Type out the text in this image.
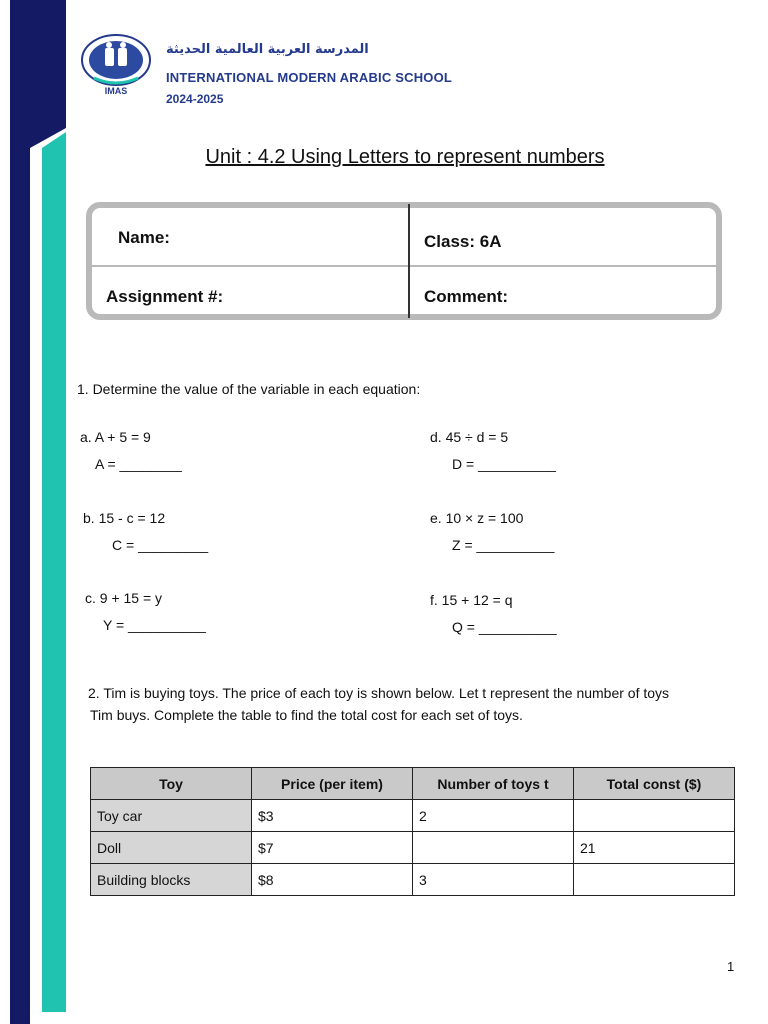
IMAS
المدرسة العربية العالمية الحديثة
INTERNATIONAL MODERN ARABIC SCHOOL
2024-2025
Unit : 4.2 Using Letters to represent numbers
Name:	Class: 6A
Assignment #:	Comment:
1. Determine the value of the variable in each equation:
a. A + 5 = 9
A = ________
b. 15 - c = 12
C = _________
c. 9 + 15 = y
Y = __________
d. 45 ÷ d = 5
D = __________
e. 10 × z = 100
Z = __________
f. 15 + 12 = q
Q = __________
2. Tim is buying toys. The price of each toy is shown below. Let t represent the number of toys
Tim buys. Complete the table to find the total cost for each set of toys.
Toy	Price (per item)	Number of toys t	Total const ($)
Toy car	$3	2	
Doll	$7		21
Building blocks	$8	3	
1
